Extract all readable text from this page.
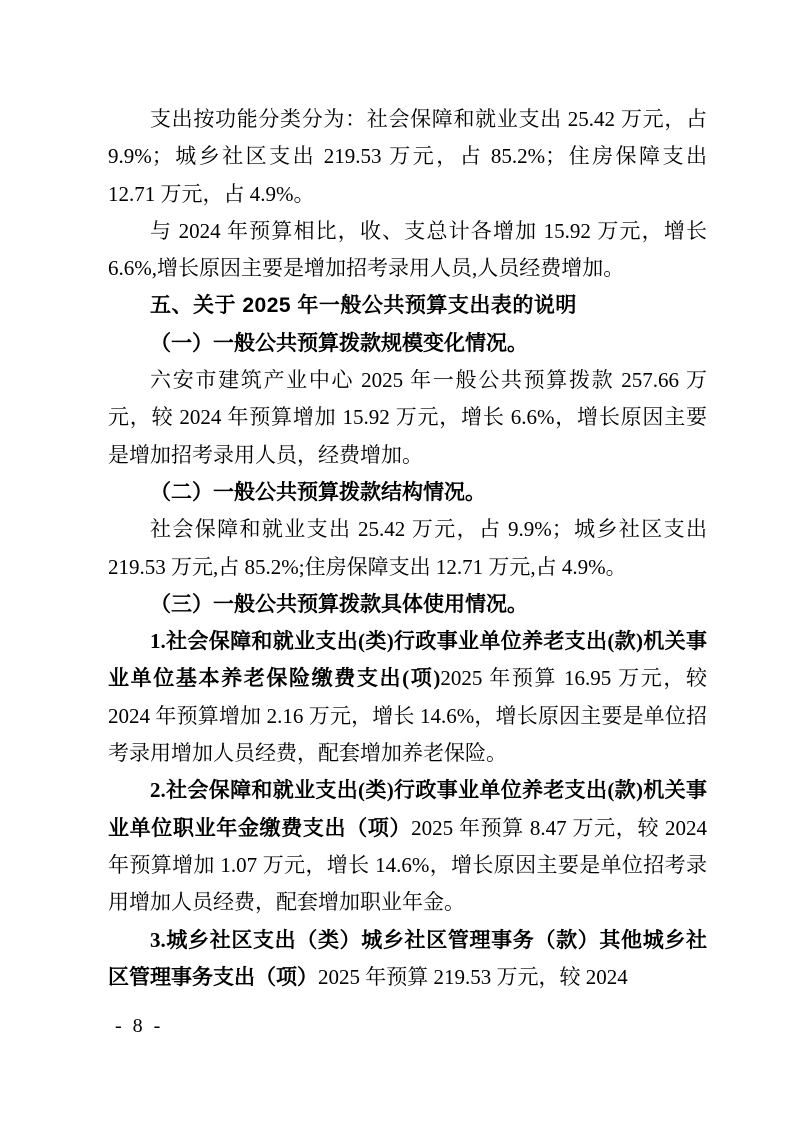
支出按功能分类分为：社会保障和就业支出 25.42 万元，占 9.9%；城乡社区支出 219.53 万元，占 85.2%；住房保障支出 12.71 万元，占 4.9%。

与 2024 年预算相比，收、支总计各增加 15.92 万元，增长 6.6%,增长原因主要是增加招考录用人员,人员经费增加。

五、关于 2025 年一般公共预算支出表的说明

（一）一般公共预算拨款规模变化情况。

六安市建筑产业中心 2025 年一般公共预算拨款 257.66 万元，较 2024 年预算增加 15.92 万元，增长 6.6%，增长原因主要是增加招考录用人员，经费增加。

（二）一般公共预算拨款结构情况。

社会保障和就业支出 25.42 万元，占 9.9%；城乡社区支出 219.53 万元,占 85.2%;住房保障支出 12.71 万元,占 4.9%。

（三）一般公共预算拨款具体使用情况。

1.社会保障和就业支出(类)行政事业单位养老支出(款)机关事业单位基本养老保险缴费支出(项)2025 年预算 16.95 万元，较 2024 年预算增加 2.16 万元，增长 14.6%，增长原因主要是单位招考录用增加人员经费，配套增加养老保险。

2.社会保障和就业支出(类)行政事业单位养老支出(款)机关事业单位职业年金缴费支出（项）2025 年预算 8.47 万元，较 2024 年预算增加 1.07 万元，增长 14.6%，增长原因主要是单位招考录用增加人员经费，配套增加职业年金。

3.城乡社区支出（类）城乡社区管理事务（款）其他城乡社区管理事务支出（项）2025 年预算 219.53 万元，较 2024

- 8 -
